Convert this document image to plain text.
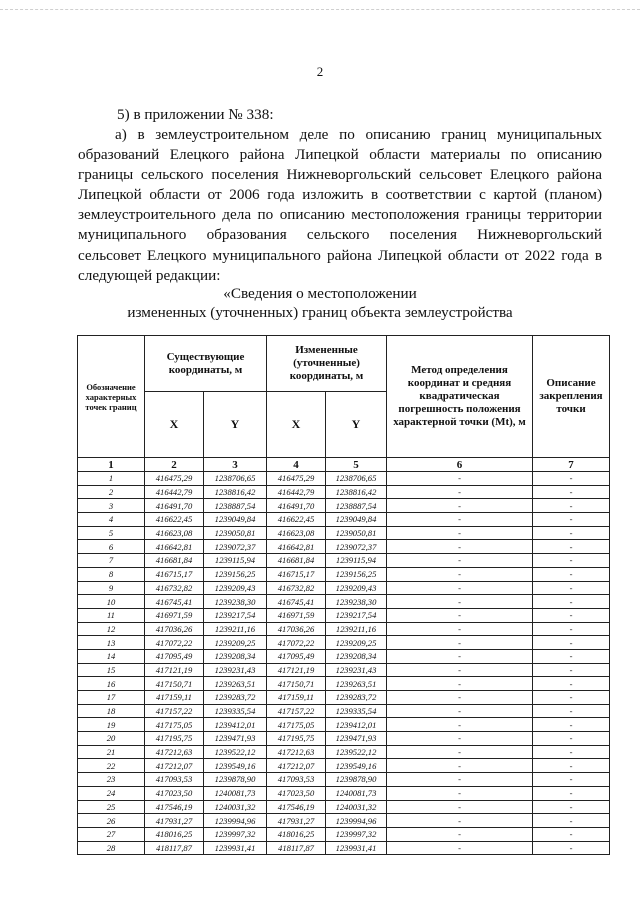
2
5) в приложении № 338:
а) в землеустроительном деле по описанию границ муниципальных
образований Елецкого района Липецкой области материалы по описанию
границы сельского поселения Нижневоргольский сельсовет Елецкого района
Липецкой области от 2006 года изложить в соответствии с картой (планом)
землеустроительного дела по описанию местоположения границы территории
муниципального образования сельского поселения Нижневоргольский
сельсовет Елецкого муниципального района Липецкой области от 2022 года в
следующей редакции:
«Сведения о местоположении
измененных (уточненных) границ объекта землеустройства
Обозначение характерных точек границ	Существующие координаты, м		Измененные (уточненные) координаты, м		Метод определения координат и средняя квадратическая погрешность положения характерной точки (Mt), м	Описание закрепления точки
	X	Y	X	Y		
1	2	3	4	5	6	7
1	416475,29	1238706,65	416475,29	1238706,65	-	-
2	416442,79	1238816,42	416442,79	1238816,42	-	-
3	416491,70	1238887,54	416491,70	1238887,54	-	-
4	416622,45	1239049,84	416622,45	1239049,84	-	-
5	416623,08	1239050,81	416623,08	1239050,81	-	-
6	416642,81	1239072,37	416642,81	1239072,37	-	-
7	416681,84	1239115,94	416681,84	1239115,94	-	-
8	416715,17	1239156,25	416715,17	1239156,25	-	-
9	416732,82	1239209,43	416732,82	1239209,43	-	-
10	416745,41	1239238,30	416745,41	1239238,30	-	-
11	416971,59	1239217,54	416971,59	1239217,54	-	-
12	417036,26	1239211,16	417036,26	1239211,16	-	-
13	417072,22	1239209,25	417072,22	1239209,25	-	-
14	417095,49	1239208,34	417095,49	1239208,34	-	-
15	417121,19	1239231,43	417121,19	1239231,43	-	-
16	417150,71	1239263,51	417150,71	1239263,51	-	-
17	417159,11	1239283,72	417159,11	1239283,72	-	-
18	417157,22	1239335,54	417157,22	1239335,54	-	-
19	417175,05	1239412,01	417175,05	1239412,01	-	-
20	417195,75	1239471,93	417195,75	1239471,93	-	-
21	417212,63	1239522,12	417212,63	1239522,12	-	-
22	417212,07	1239549,16	417212,07	1239549,16	-	-
23	417093,53	1239878,90	417093,53	1239878,90	-	-
24	417023,50	1240081,73	417023,50	1240081,73	-	-
25	417546,19	1240031,32	417546,19	1240031,32	-	-
26	417931,27	1239994,96	417931,27	1239994,96	-	-
27	418016,25	1239997,32	418016,25	1239997,32	-	-
28	418117,87	1239931,41	418117,87	1239931,41	-	-
